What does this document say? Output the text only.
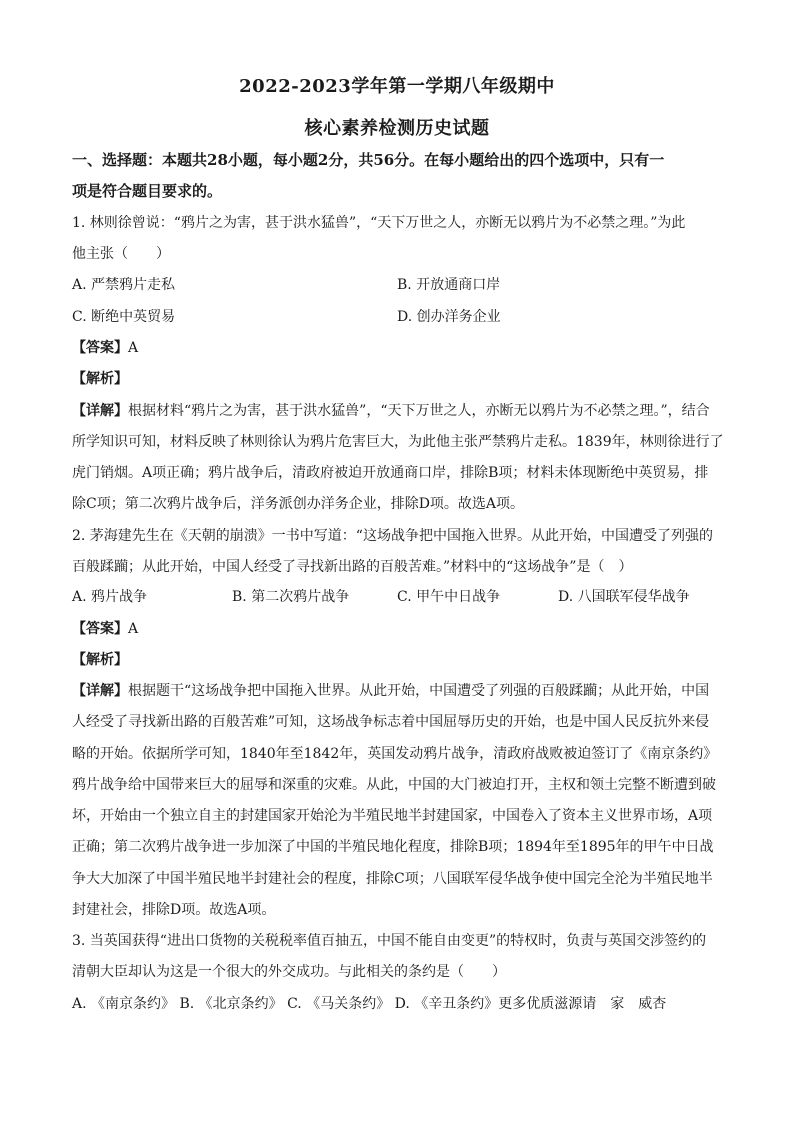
2022-2023学年第一学期八年级期中
核心素养检测历史试题
一、选择题：本题共28小题，每小题2分，共56分。在每小题给出的四个选项中，只有一
项是符合题目要求的。
1. 林则徐曾说：“鸦片之为害，甚于洪水猛兽”，“天下万世之人，亦断无以鸦片为不必禁之理。”为此
他主张（　　）
A. 严禁鸦片走私	B. 开放通商口岸
C. 断绝中英贸易	D. 创办洋务企业
【答案】A
【解析】
【详解】根据材料“鸦片之为害，甚于洪水猛兽”，“天下万世之人，亦断无以鸦片为不必禁之理。”，结合
所学知识可知，材料反映了林则徐认为鸦片危害巨大，为此他主张严禁鸦片走私。1839年，林则徐进行了
虎门销烟。A项正确；鸦片战争后，清政府被迫开放通商口岸，排除B项；材料未体现断绝中英贸易，排
除C项；第二次鸦片战争后，洋务派创办洋务企业，排除D项。故选A项。
2. 茅海建先生在《天朝的崩溃》一书中写道：“这场战争把中国拖入世界。从此开始，中国遭受了列强的
百般蹂躏；从此开始，中国人经受了寻找新出路的百般苦难。”材料中的“这场战争”是（　）
A. 鸦片战争	B. 第二次鸦片战争	C. 甲午中日战争	D. 八国联军侵华战争
【答案】A
【解析】
【详解】根据题干“这场战争把中国拖入世界。从此开始，中国遭受了列强的百般蹂躏；从此开始，中国
人经受了寻找新出路的百般苦难”可知，这场战争标志着中国屈辱历史的开始，也是中国人民反抗外来侵
略的开始。依据所学可知，1840年至1842年，英国发动鸦片战争，清政府战败被迫签订了《南京条约》
鸦片战争给中国带来巨大的屈辱和深重的灾难。从此，中国的大门被迫打开，主权和领土完整不断遭到破
坏，开始由一个独立自主的封建国家开始沦为半殖民地半封建国家，中国卷入了资本主义世界市场，A项
正确；第二次鸦片战争进一步加深了中国的半殖民地化程度，排除B项；1894年至1895年的甲午中日战
争大大加深了中国半殖民地半封建社会的程度，排除C项；八国联军侵华战争使中国完全沦为半殖民地半
封建社会，排除D项。故选A项。
3. 当英国获得“进出口货物的关税税率值百抽五，中国不能自由变更”的特权时，负责与英国交涉签约的
清朝大臣却认为这是一个很大的外交成功。与此相关的条约是（　　）
A. 《南京条约》 B. 《北京条约》 C. 《马关条约》 D. 《辛丑条约》更多优质滋源请　家　威杏
